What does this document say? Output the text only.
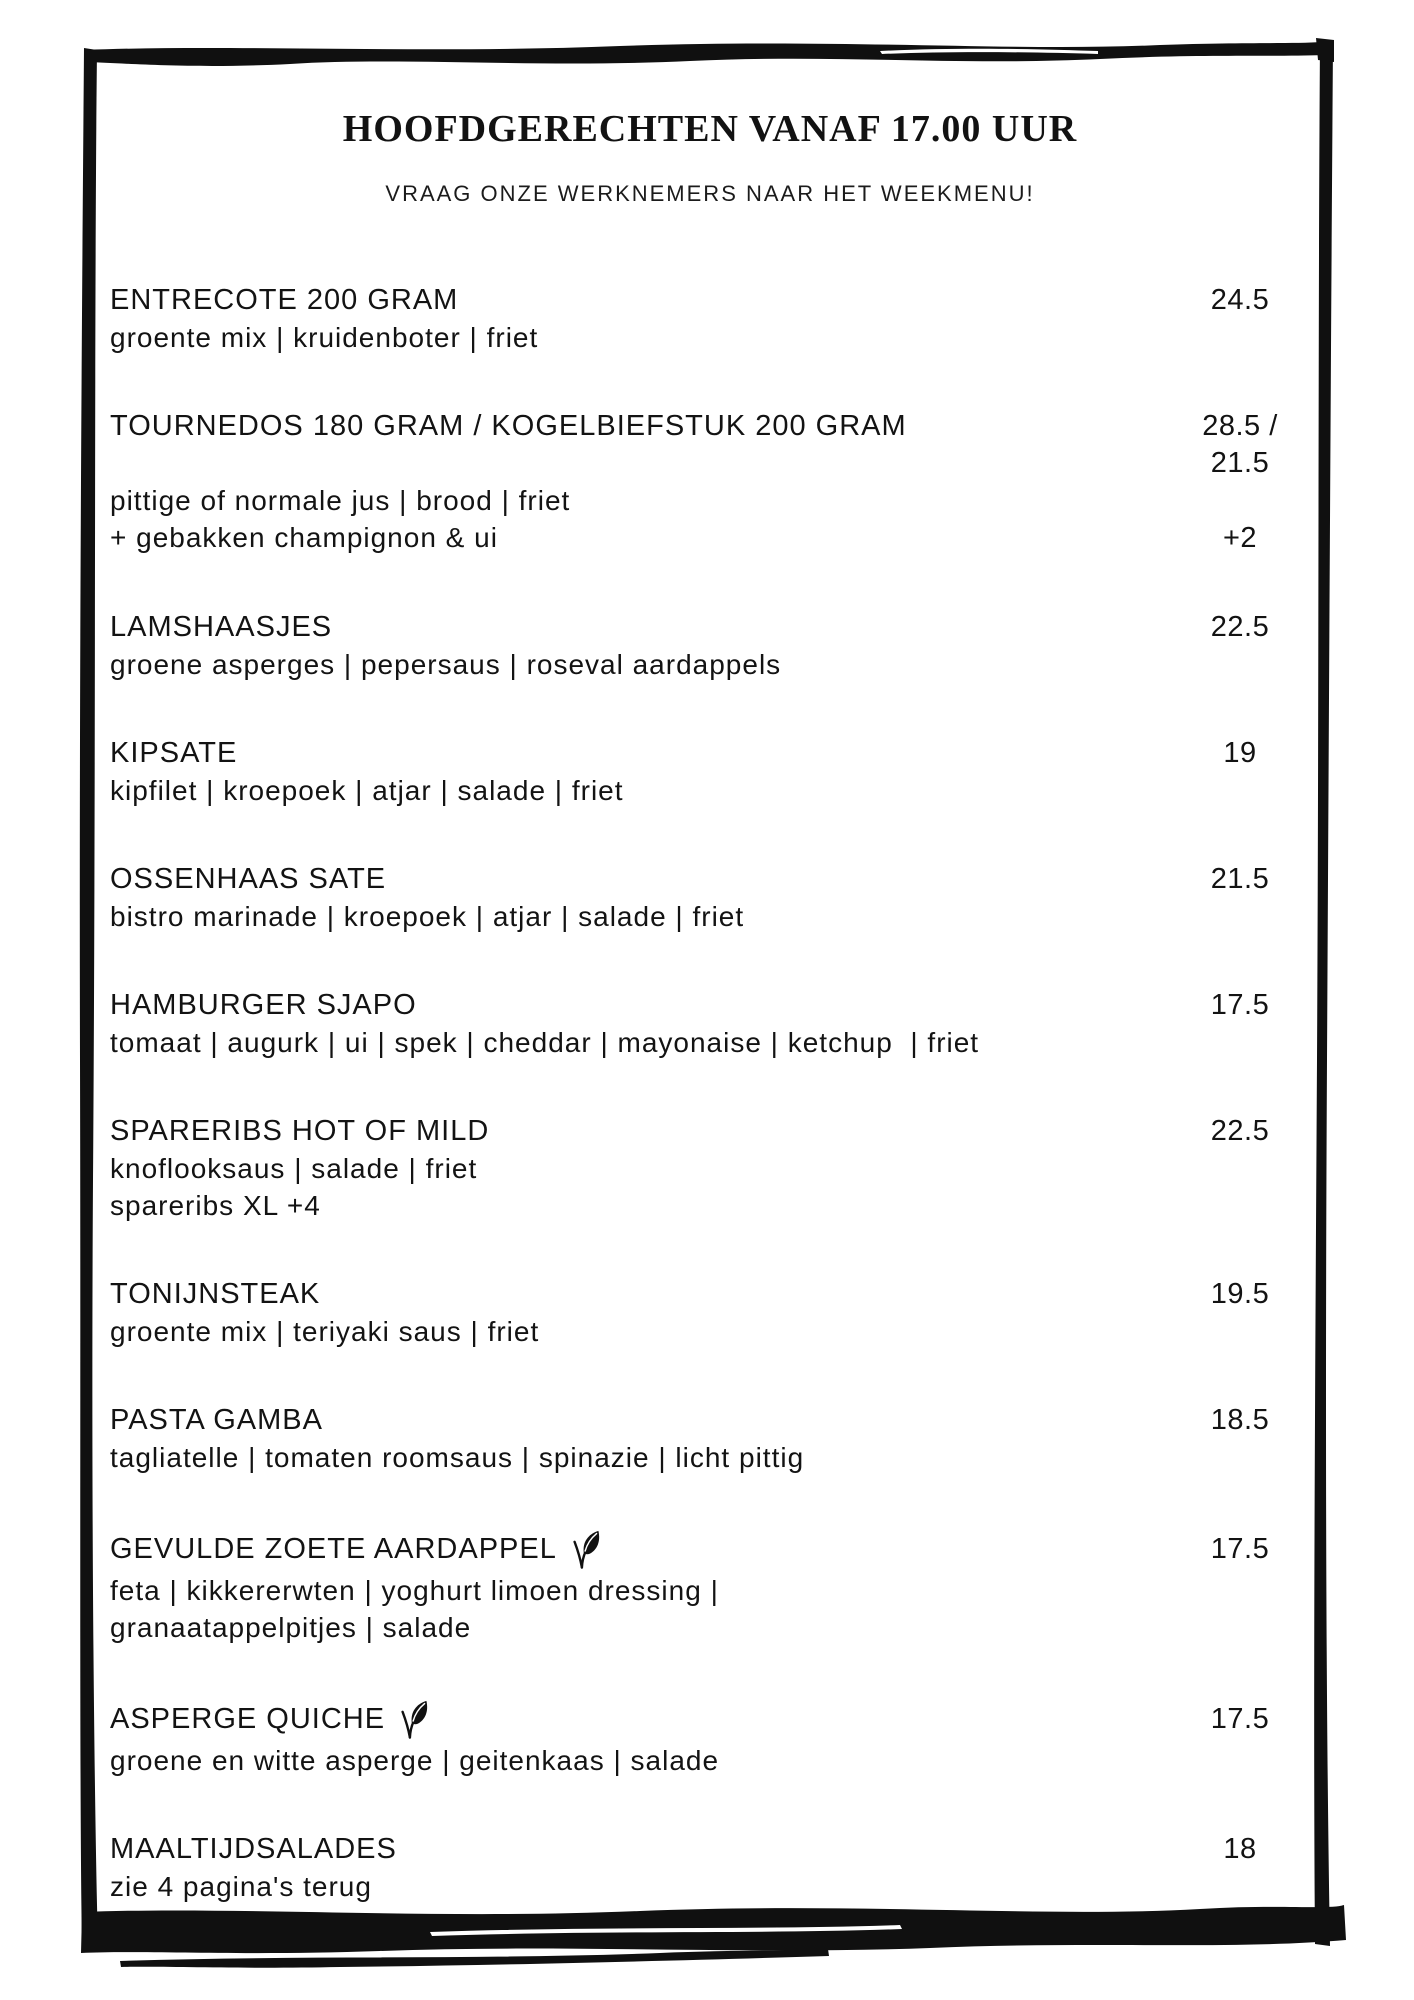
HOOFDGERECHTEN VANAF 17.00 UUR
VRAAG ONZE WERKNEMERS NAAR HET WEEKMENU!
ENTRECOTE 200 GRAM	24.5
groente mix | kruidenboter | friet
TOURNEDOS 180 GRAM / KOGELBIEFSTUK 200 GRAM	28.5 / 21.5
pittige of normale jus | brood | friet
+ gebakken champignon & ui	+2
LAMSHAASJES	22.5
groene asperges | pepersaus | roseval aardappels
KIPSATE	19
kipfilet | kroepoek | atjar | salade | friet
OSSENHAAS SATE	21.5
bistro marinade | kroepoek | atjar | salade | friet
HAMBURGER SJAPO	17.5
tomaat | augurk | ui | spek | cheddar | mayonaise | ketchup  | friet
SPARERIBS HOT OF MILD	22.5
knoflooksaus | salade | friet
spareribs XL +4
TONIJNSTEAK	19.5
groente mix | teriyaki saus | friet
PASTA GAMBA	18.5
tagliatelle | tomaten roomsaus | spinazie | licht pittig
GEVULDE ZOETE AARDAPPEL	17.5
feta | kikkererwten | yoghurt limoen dressing |
granaatappelpitjes | salade
ASPERGE QUICHE	17.5
groene en witte asperge | geitenkaas | salade
MAALTIJDSALADES	18
zie 4 pagina's terug
